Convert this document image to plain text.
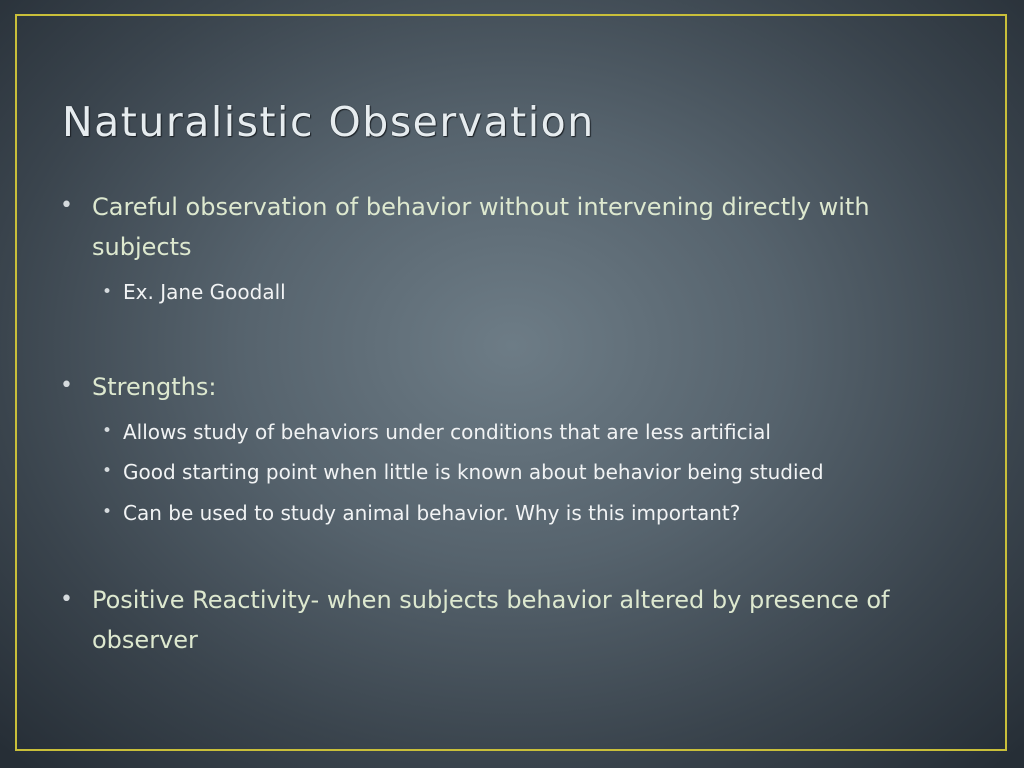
Naturalistic Observation
• Careful observation of behavior without intervening directly with subjects
• Ex. Jane Goodall
• Strengths:
• Allows study of behaviors under conditions that are less artificial
• Good starting point when little is known about behavior being studied
• Can be used to study animal behavior. Why is this important?
• Positive Reactivity- when subjects behavior altered by presence of observer
